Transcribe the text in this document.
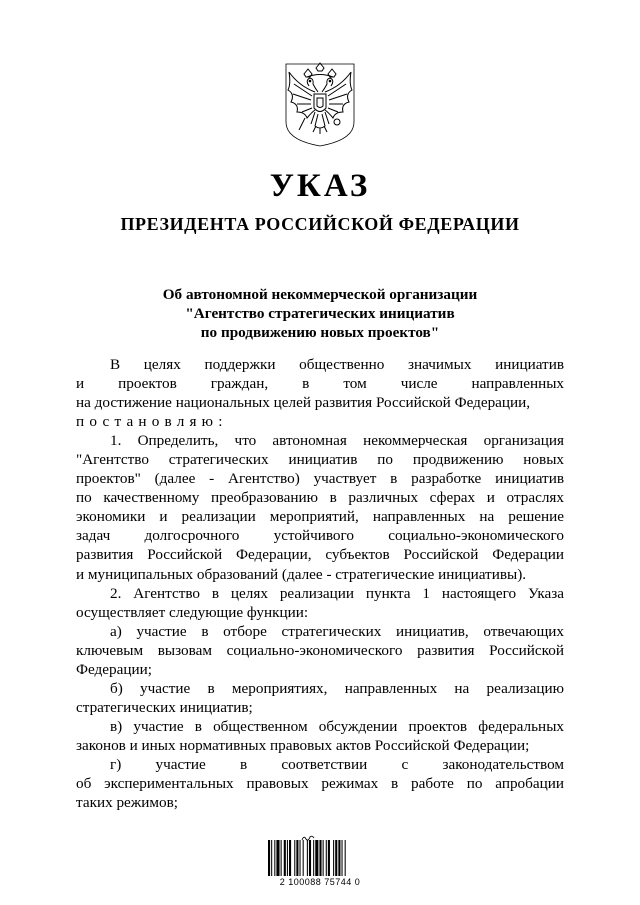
УКАЗ
ПРЕЗИДЕНТА РОССИЙСКОЙ ФЕДЕРАЦИИ
Об автономной некоммерческой организации
"Агентство стратегических инициатив
по продвижению новых проектов"
В целях поддержки общественно значимых инициатив
и проектов граждан, в том числе направленных
на достижение национальных целей развития Российской Федерации,
постановляю:
1. Определить, что автономная некоммерческая организация
"Агентство стратегических инициатив по продвижению новых
проектов" (далее - Агентство) участвует в разработке инициатив
по качественному преобразованию в различных сферах и отраслях
экономики и реализации мероприятий, направленных на решение
задач долгосрочного устойчивого социально-экономического
развития Российской Федерации, субъектов Российской Федерации
и муниципальных образований (далее - стратегические инициативы).
2. Агентство в целях реализации пункта 1 настоящего Указа
осуществляет следующие функции:
а) участие в отборе стратегических инициатив, отвечающих
ключевым вызовам социально-экономического развития Российской
Федерации;
б) участие в мероприятиях, направленных на реализацию
стратегических инициатив;
в) участие в общественном обсуждении проектов федеральных
законов и иных нормативных правовых актов Российской Федерации;
г) участие в соответствии с законодательством
об экспериментальных правовых режимах в работе по апробации
таких режимов;
2 100088 75744 0
